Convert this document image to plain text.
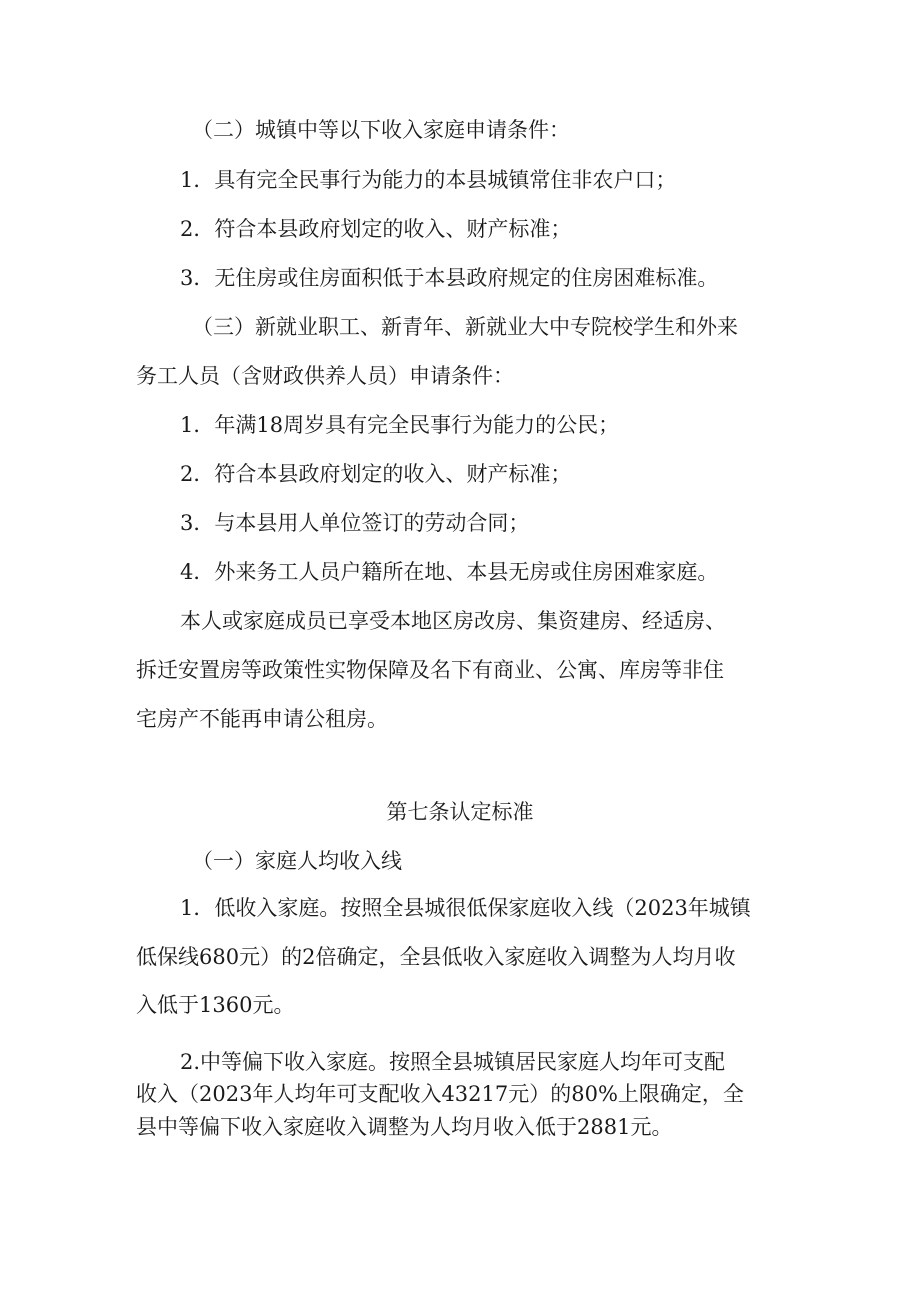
（二）城镇中等以下收入家庭申请条件：
1．具有完全民事行为能力的本县城镇常住非农户口；
2．符合本县政府划定的收入、财产标准；
3．无住房或住房面积低于本县政府规定的住房困难标准。
（三）新就业职工、新青年、新就业大中专院校学生和外来
务工人员（含财政供养人员）申请条件：
1．年满18周岁具有完全民事行为能力的公民；
2．符合本县政府划定的收入、财产标准；
3．与本县用人单位签订的劳动合同；
4．外来务工人员户籍所在地、本县无房或住房困难家庭。
本人或家庭成员已享受本地区房改房、集资建房、经适房、
拆迁安置房等政策性实物保障及名下有商业、公寓、库房等非住
宅房产不能再申请公租房。
第七条认定标准
（一）家庭人均收入线
1．低收入家庭。按照全县城很低保家庭收入线（2023年城镇
低保线680元）的2倍确定，全县低收入家庭收入调整为人均月收
入低于1360元。
2.中等偏下收入家庭。按照全县城镇居民家庭人均年可支配
收入（2023年人均年可支配收入43217元）的80%上限确定，全
县中等偏下收入家庭收入调整为人均月收入低于2881元。
